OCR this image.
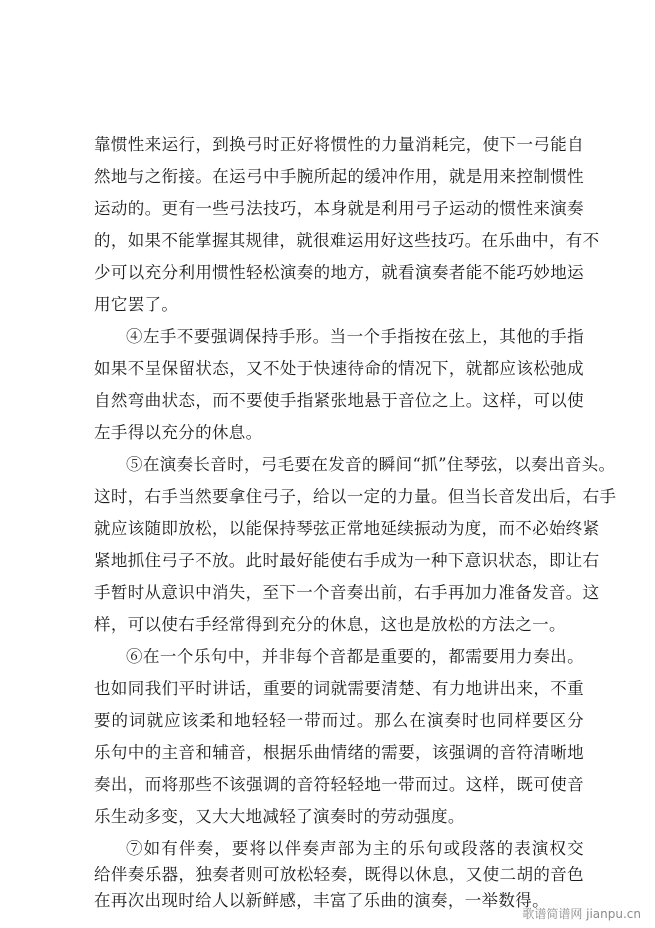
靠惯性来运行，到换弓时正好将惯性的力量消耗完，使下一弓能自
然地与之衔接。在运弓中手腕所起的缓冲作用，就是用来控制惯性
运动的。更有一些弓法技巧，本身就是利用弓子运动的惯性来演奏
的，如果不能掌握其规律，就很难运用好这些技巧。在乐曲中，有不
少可以充分利用惯性轻松演奏的地方，就看演奏者能不能巧妙地运
用它罢了。
④左手不要强调保持手形。当一个手指按在弦上，其他的手指
如果不呈保留状态，又不处于快速待命的情况下，就都应该松弛成
自然弯曲状态，而不要使手指紧张地悬于音位之上。这样，可以使
左手得以充分的休息。
⑤在演奏长音时，弓毛要在发音的瞬间“抓”住琴弦，以奏出音头。
这时，右手当然要拿住弓子，给以一定的力量。但当长音发出后，右手
就应该随即放松，以能保持琴弦正常地延续振动为度，而不必始终紧
紧地抓住弓子不放。此时最好能使右手成为一种下意识状态，即让右
手暂时从意识中消失，至下一个音奏出前，右手再加力准备发音。这
样，可以使右手经常得到充分的休息，这也是放松的方法之一。
⑥在一个乐句中，并非每个音都是重要的，都需要用力奏出。
也如同我们平时讲话，重要的词就需要清楚、有力地讲出来，不重
要的词就应该柔和地轻轻一带而过。那么在演奏时也同样要区分
乐句中的主音和辅音，根据乐曲情绪的需要，该强调的音符清晰地
奏出，而将那些不该强调的音符轻轻地一带而过。这样，既可使音
乐生动多变，又大大地减轻了演奏时的劳动强度。
⑦如有伴奏，要将以伴奏声部为主的乐句或段落的表演权交
给伴奏乐器，独奏者则可放松轻奏，既得以休息，又使二胡的音色
在再次出现时给人以新鲜感，丰富了乐曲的演奏，一举数得。
歌谱简谱网 jianpu.cn
